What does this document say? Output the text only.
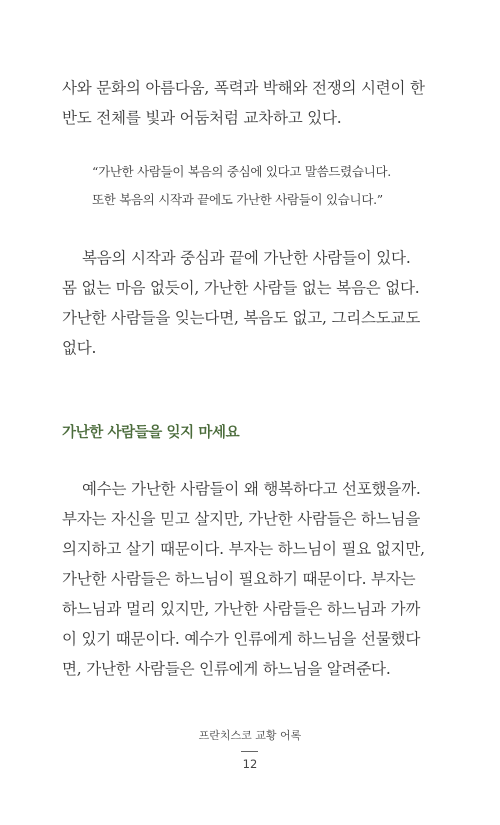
사와 문화의 아름다움, 폭력과 박해와 전쟁의 시련이 한
반도 전체를 빛과 어둠처럼 교차하고 있다.
“가난한 사람들이 복음의 중심에 있다고 말씀드렸습니다.
또한 복음의 시작과 끝에도 가난한 사람들이 있습니다.”
복음의 시작과 중심과 끝에 가난한 사람들이 있다.
몸 없는 마음 없듯이, 가난한 사람들 없는 복음은 없다.
가난한 사람들을 잊는다면, 복음도 없고, 그리스도교도
없다.
가난한 사람들을 잊지 마세요
예수는 가난한 사람들이 왜 행복하다고 선포했을까.
부자는 자신을 믿고 살지만, 가난한 사람들은 하느님을
의지하고 살기 때문이다. 부자는 하느님이 필요 없지만,
가난한 사람들은 하느님이 필요하기 때문이다. 부자는
하느님과 멀리 있지만, 가난한 사람들은 하느님과 가까
이 있기 때문이다. 예수가 인류에게 하느님을 선물했다
면, 가난한 사람들은 인류에게 하느님을 알려준다.
프란치스코 교황 어록
12
